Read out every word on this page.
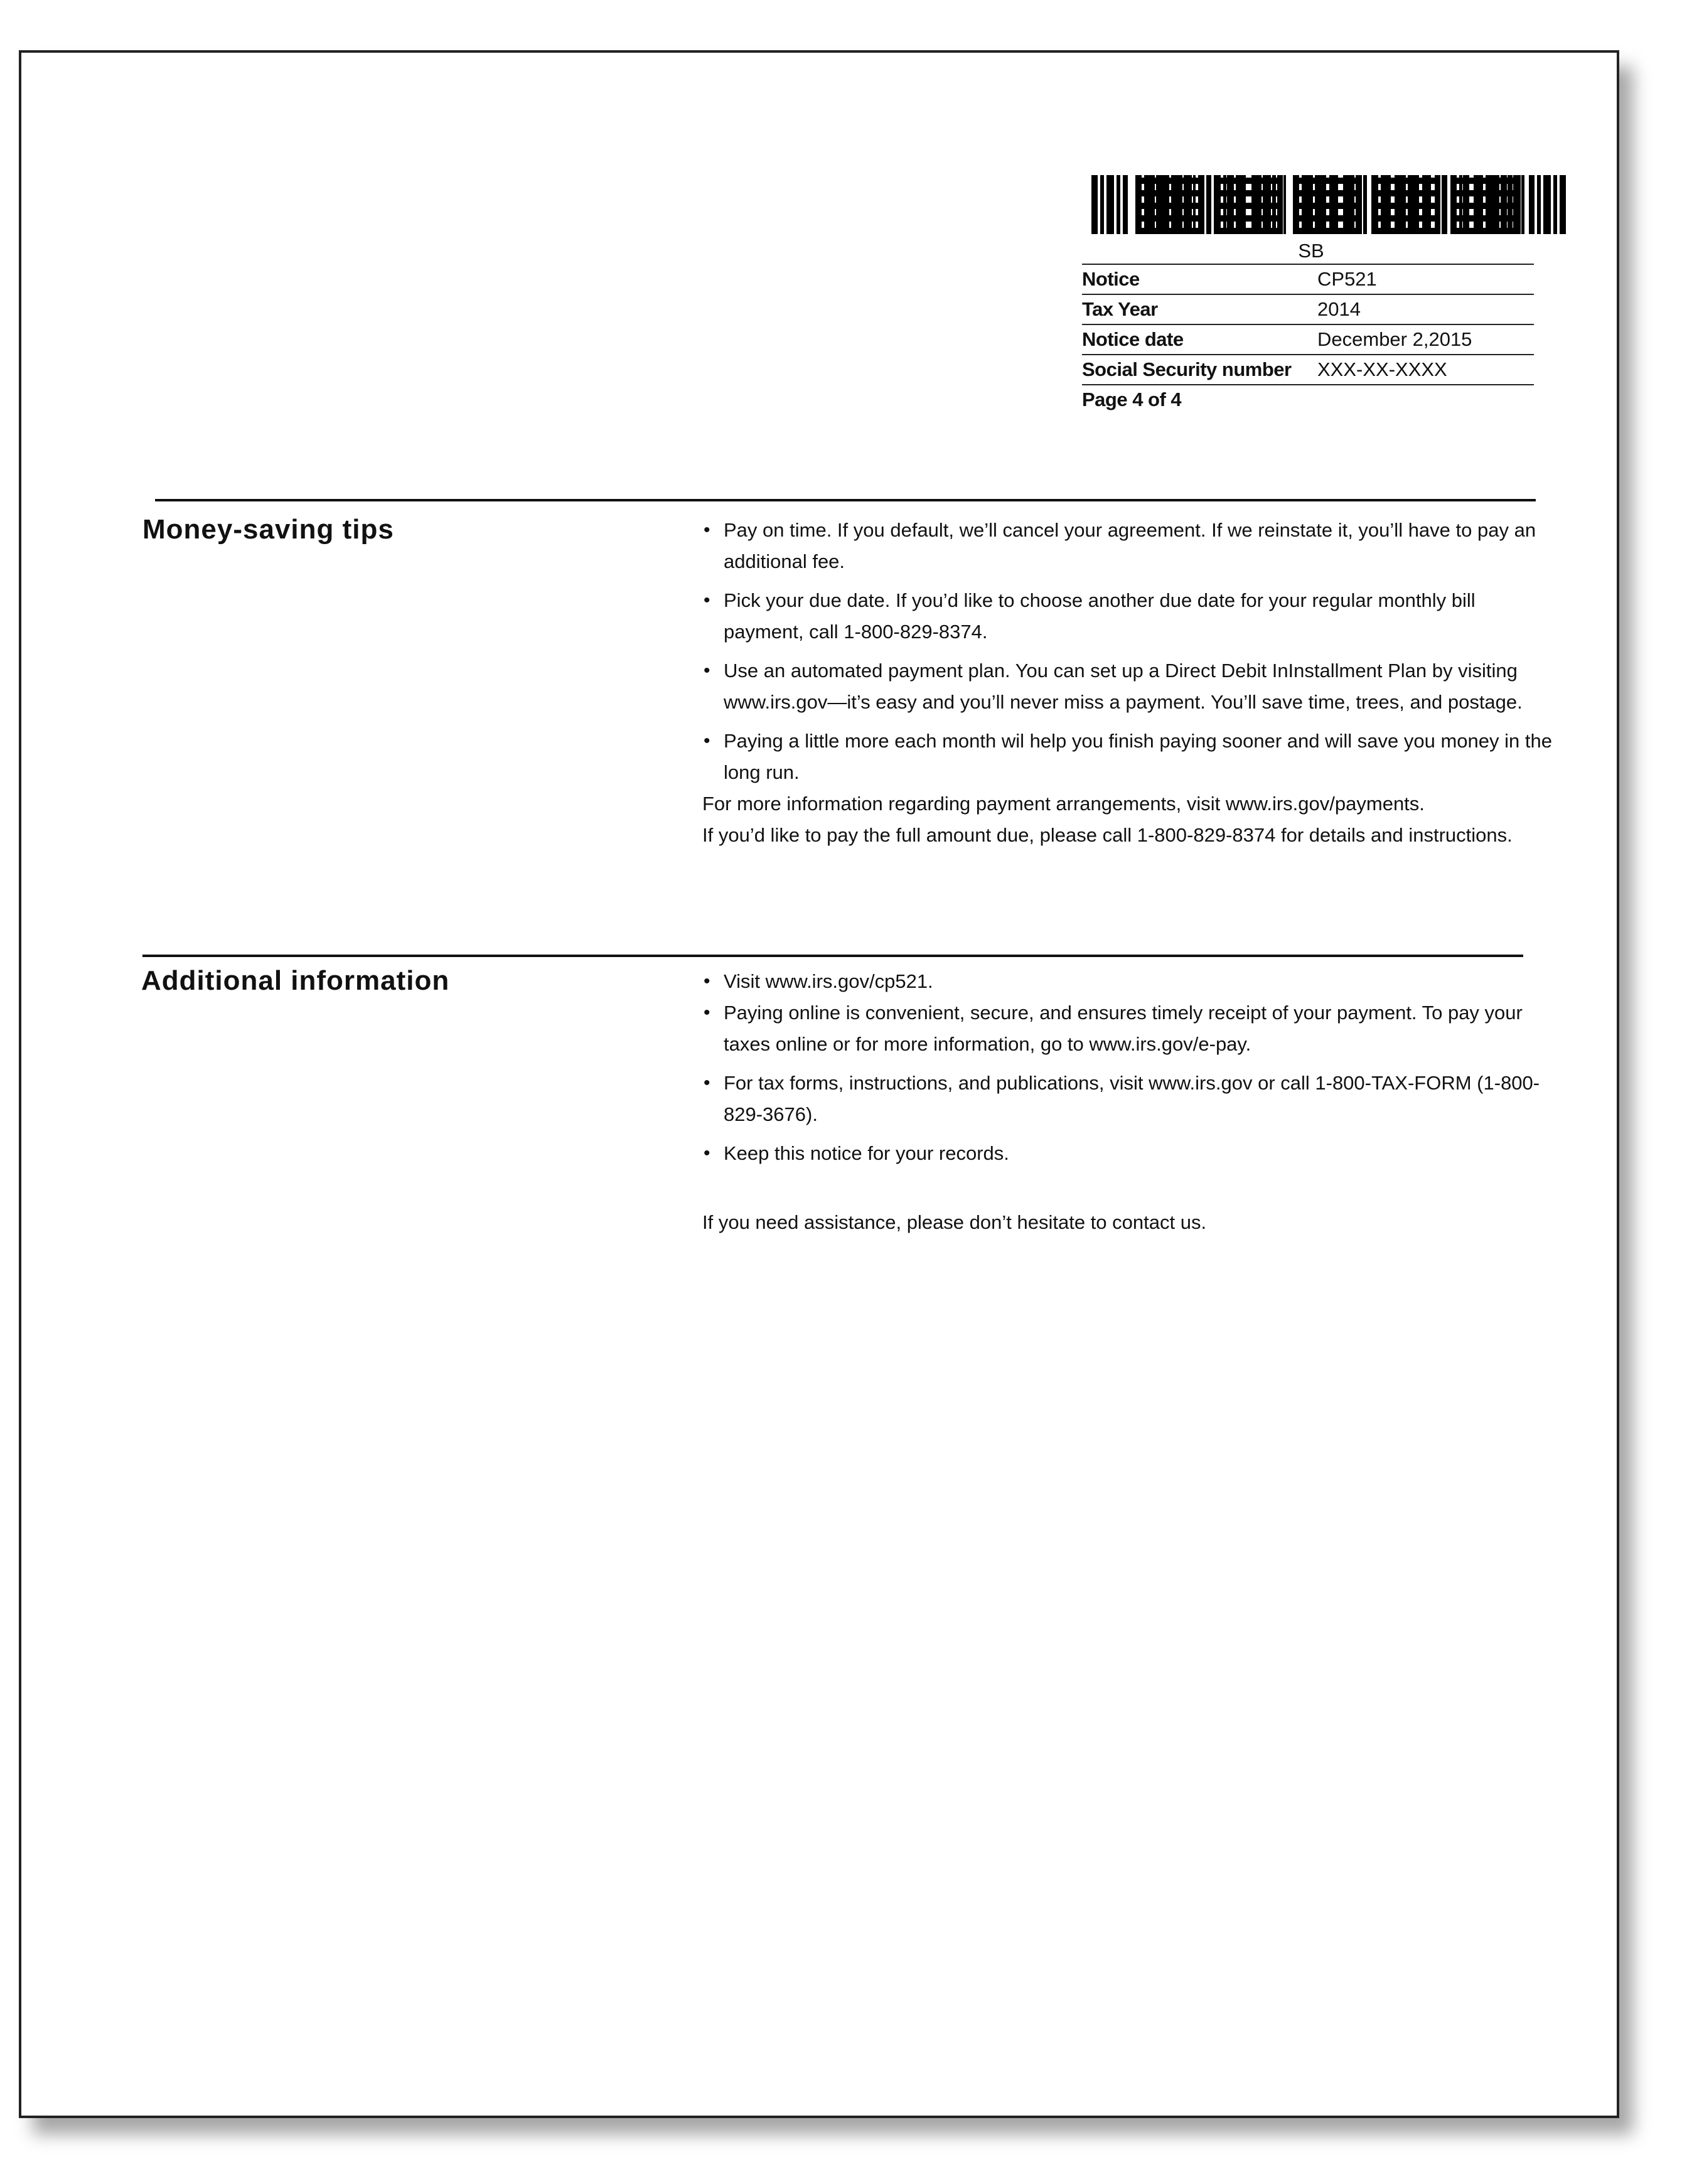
SB
Notice	CP521
Tax Year	2014
Notice date	December 2,2015
Social Security number	XXX-XX-XXXX
Page 4 of 4
Money-saving tips	• Pay on time. If you default, we’ll cancel your agreement. If we reinstate it, you’ll have to pay an additional fee.
• Pick your due date. If you’d like to choose another due date for your regular monthly bill payment, call 1-800-829-8374.
• Use an automated payment plan. You can set up a Direct Debit InInstallment Plan by visiting www.irs.gov—it’s easy and you’ll never miss a payment. You’ll save time, trees, and postage.
• Paying a little more each month wil help you finish paying sooner and will save you money in the long run.

For more information regarding payment arrangements, visit www.irs.gov/payments.

If you’d like to pay the full amount due, please call 1-800-829-8374 for details and instructions.

Additional information	• Visit www.irs.gov/cp521.
• Paying online is convenient, secure, and ensures timely receipt of your payment. To pay your taxes online or for more information, go to www.irs.gov/e-pay.
• For tax forms, instructions, and publications, visit www.irs.gov or call 1-800-TAX-FORM (1-800-829-3676).
• Keep this notice for your records.

If you need assistance, please don’t hesitate to contact us.
